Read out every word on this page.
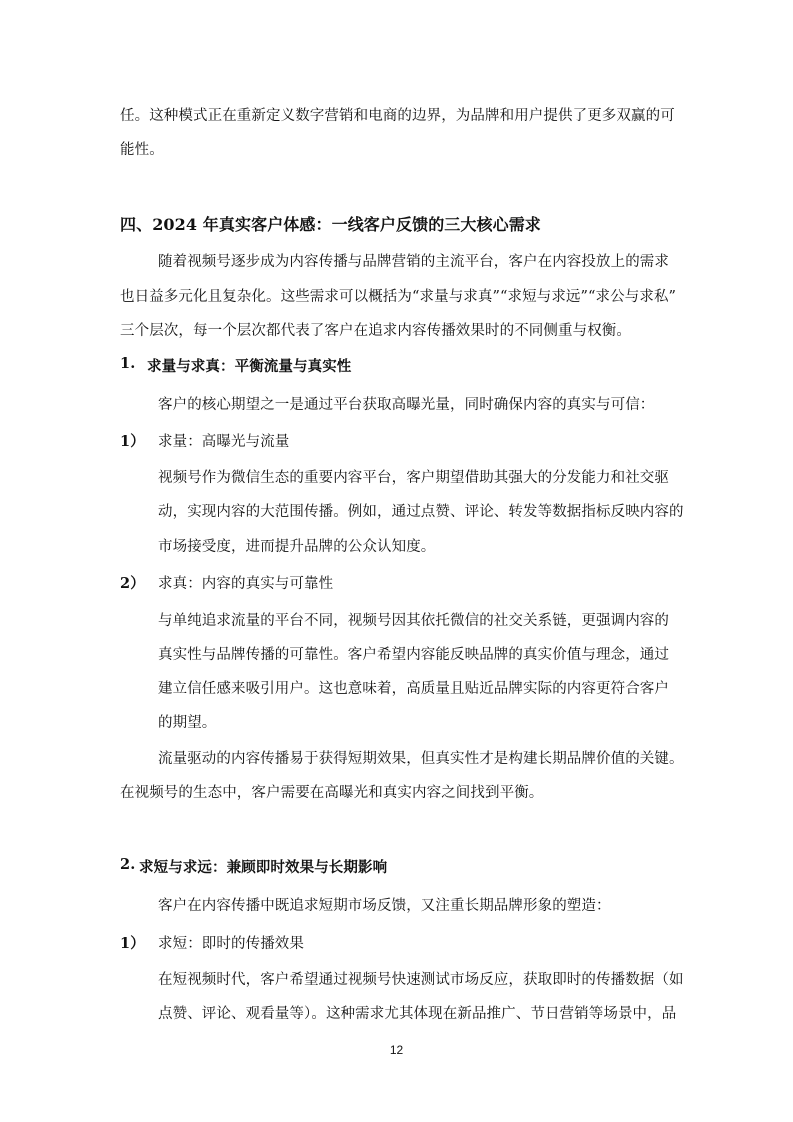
任。这种模式正在重新定义数字营销和电商的边界，为品牌和用户提供了更多双赢的可
能性。
四、2024 年真实客户体感：一线客户反馈的三大核心需求
随着视频号逐步成为内容传播与品牌营销的主流平台，客户在内容投放上的需求
也日益多元化且复杂化。这些需求可以概括为“求量与求真”“求短与求远”“求公与求私”
三个层次，每一个层次都代表了客户在追求内容传播效果时的不同侧重与权衡。
1. 求量与求真：平衡流量与真实性
客户的核心期望之一是通过平台获取高曝光量，同时确保内容的真实与可信：
1） 求量：高曝光与流量
视频号作为微信生态的重要内容平台，客户期望借助其强大的分发能力和社交驱
动，实现内容的大范围传播。例如，通过点赞、评论、转发等数据指标反映内容的
市场接受度，进而提升品牌的公众认知度。
2） 求真：内容的真实与可靠性
与单纯追求流量的平台不同，视频号因其依托微信的社交关系链，更强调内容的
真实性与品牌传播的可靠性。客户希望内容能反映品牌的真实价值与理念，通过
建立信任感来吸引用户。这也意味着，高质量且贴近品牌实际的内容更符合客户
的期望。
流量驱动的内容传播易于获得短期效果，但真实性才是构建长期品牌价值的关键。
在视频号的生态中，客户需要在高曝光和真实内容之间找到平衡。
2. 求短与求远：兼顾即时效果与长期影响
客户在内容传播中既追求短期市场反馈，又注重长期品牌形象的塑造：
1） 求短：即时的传播效果
在短视频时代，客户希望通过视频号快速测试市场反应，获取即时的传播数据（如
点赞、评论、观看量等）。这种需求尤其体现在新品推广、节日营销等场景中，品
12
